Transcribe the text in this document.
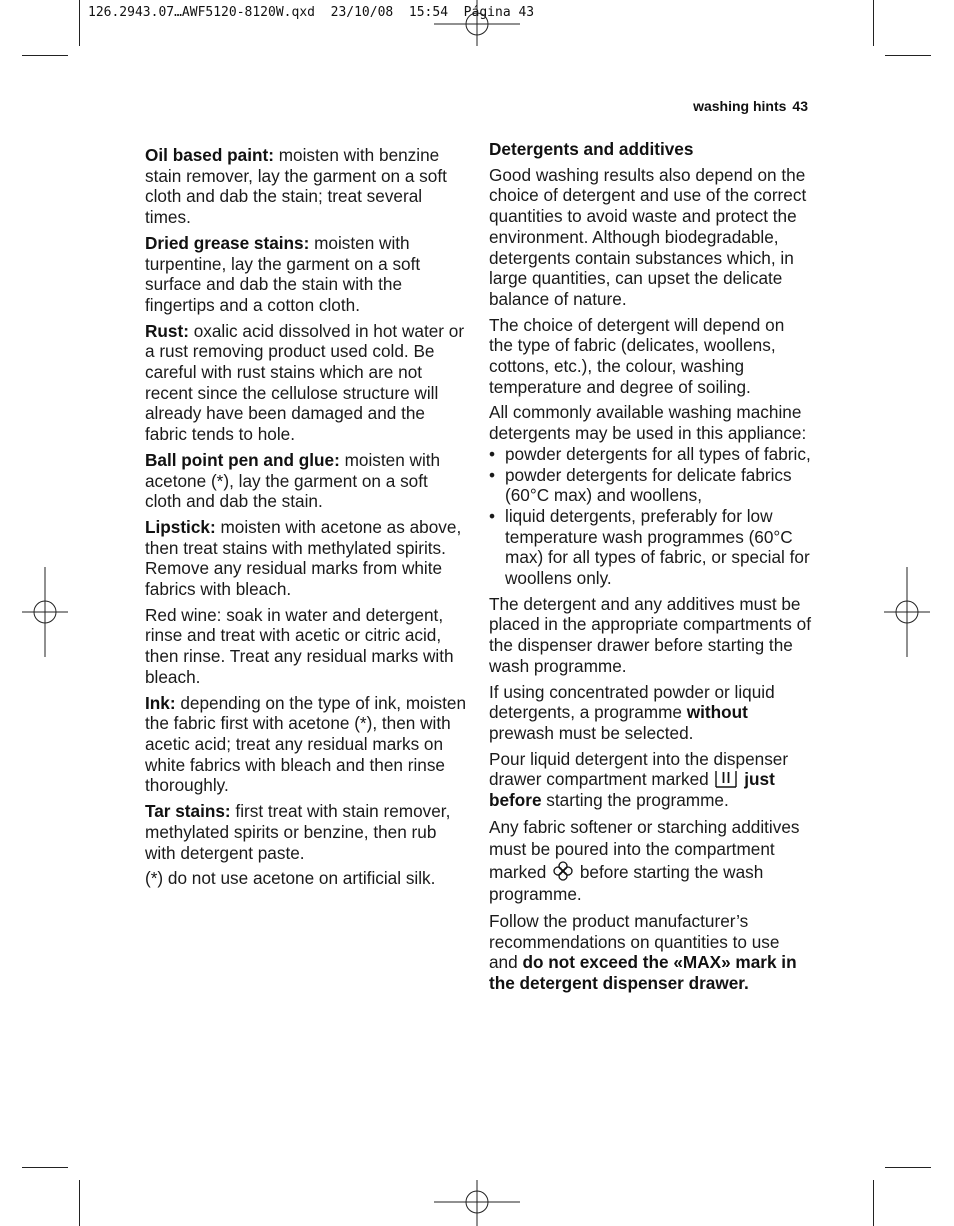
126.2943.07…AWF5120-8120W.qxd  23/10/08  15:54  Página 43
washing hints 43

Oil based paint: moisten with benzine stain remover, lay the garment on a soft cloth and dab the stain; treat several times.

Dried grease stains: moisten with turpentine, lay the garment on a soft surface and dab the stain with the fingertips and a cotton cloth.

Rust: oxalic acid dissolved in hot water or a rust removing product used cold. Be careful with rust stains which are not recent since the cellulose structure will already have been damaged and the fabric tends to hole.

Ball point pen and glue: moisten with acetone (*), lay the garment on a soft cloth and dab the stain.

Lipstick: moisten with acetone as above, then treat stains with methylated spirits. Remove any residual marks from white fabrics with bleach.

Red wine: soak in water and detergent, rinse and treat with acetic or citric acid, then rinse. Treat any residual marks with bleach.

Ink: depending on the type of ink, moisten the fabric first with acetone (*), then with acetic acid; treat any residual marks on white fabrics with bleach and then rinse thoroughly.

Tar stains: first treat with stain remover, methylated spirits or benzine, then rub with detergent paste.

(*) do not use acetone on artificial silk.

Detergents and additives

Good washing results also depend on the choice of detergent and use of the correct quantities to avoid waste and protect the environment. Although biodegradable, detergents contain substances which, in large quantities, can upset the delicate balance of nature.

The choice of detergent will depend on the type of fabric (delicates, woollens, cottons, etc.), the colour, washing temperature and degree of soiling.

All commonly available washing machine detergents may be used in this appliance:

• powder detergents for all types of fabric,
• powder detergents for delicate fabrics (60°C max) and woollens,
• liquid detergents, preferably for low temperature wash programmes (60°C max) for all types of fabric, or special for woollens only.

The detergent and any additives must be placed in the appropriate compartments of the dispenser drawer before starting the wash programme.

If using concentrated powder or liquid detergents, a programme without prewash must be selected.

Pour liquid detergent into the dispenser drawer compartment marked  just before starting the programme.

Any fabric softener or starching additives must be poured into the compartment marked  before starting the wash programme.

Follow the product manufacturer’s recommendations on quantities to use and do not exceed the «MAX» mark in the detergent dispenser drawer.
